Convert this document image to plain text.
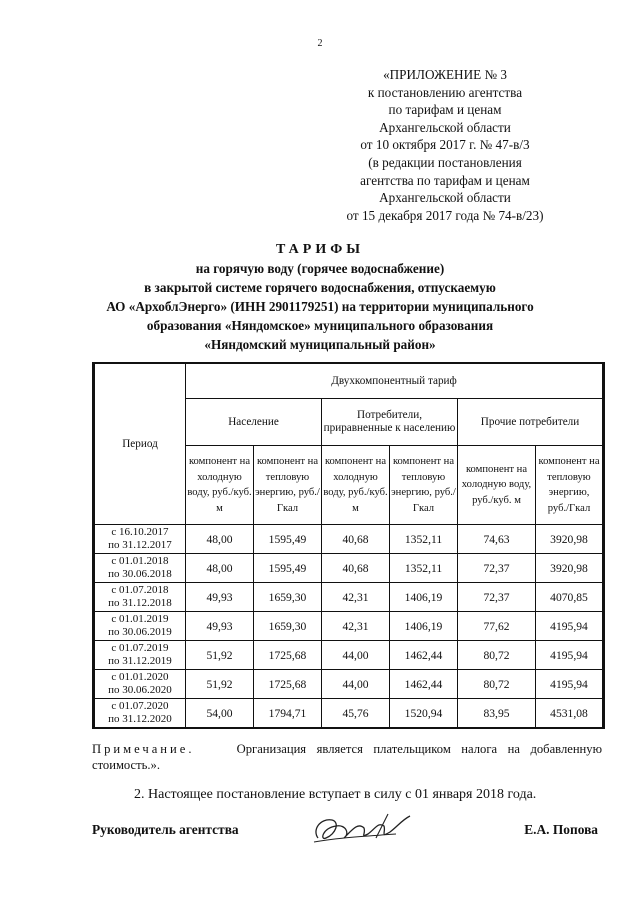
2
«ПРИЛОЖЕНИЕ № 3
к постановлению агентства
по тарифам и ценам
Архангельской области
от 10 октября 2017 г. № 47-в/3
(в редакции постановления
агентства по тарифам и ценам
Архангельской области
от 15 декабря 2017 года № 74-в/23)
ТАРИФЫ
на горячую воду (горячее водоснабжение)
в закрытой системе горячего водоснабжения, отпускаемую
АО «АрхоблЭнерго» (ИНН 2901179251) на территории муниципального
образования «Няндомское» муниципального образования
«Няндомский муниципальный район»
Период	Двухкомпонентный тариф					
	Население		Потребители, приравненные к населению		Прочие потребители	
	компонент на холодную воду, руб./куб. м	компонент на тепловую энергию, руб./Гкал	компонент на холодную воду, руб./куб. м	компонент на тепловую энергию, руб./Гкал	компонент на холодную воду, руб./куб. м	компонент на тепловую энергию, руб./Гкал

с 16.10.2017
по 31.12.2017	48,00	1595,49	40,68	1352,11	74,63	3920,98

с 01.01.2018
по 30.06.2018	48,00	1595,49	40,68	1352,11	72,37	3920,98

с 01.07.2018
по 31.12.2018	49,93	1659,30	42,31	1406,19	72,37	4070,85

с 01.01.2019
по 30.06.2019	49,93	1659,30	42,31	1406,19	77,62	4195,94

с 01.07.2019
по 31.12.2019	51,92	1725,68	44,00	1462,44	80,72	4195,94

с 01.01.2020
по 30.06.2020	51,92	1725,68	44,00	1462,44	80,72	4195,94

с 01.07.2020
по 31.12.2020	54,00	1794,71	45,76	1520,94	83,95	4531,08
Примечание.	Организация является плательщиком налога на добавленную стоимость.».
2. Настоящее постановление вступает в силу с 01 января 2018 года.
Руководитель агентства	Е.А. Попова
